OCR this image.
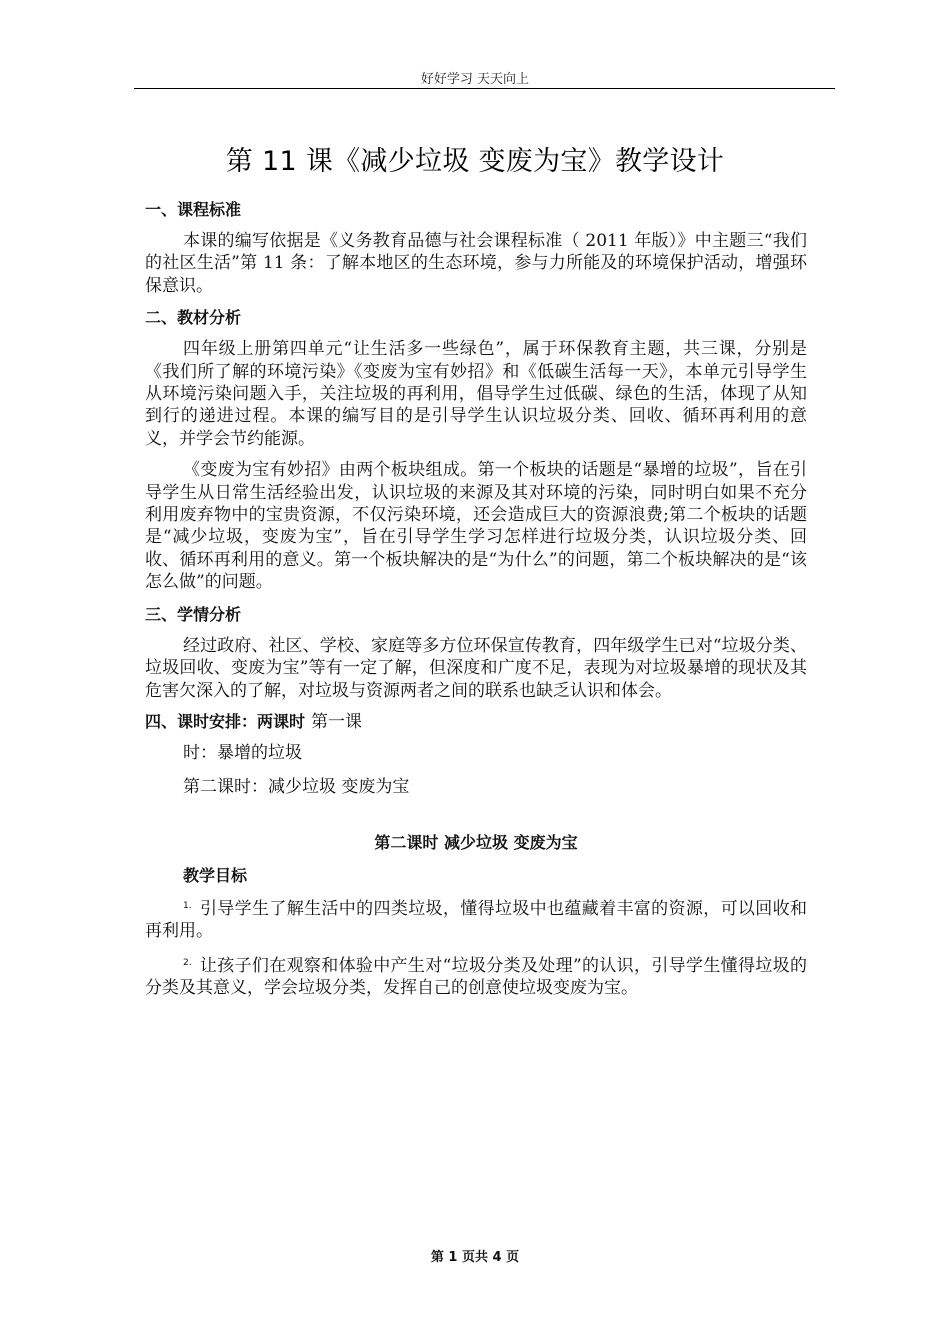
好好学习 天天向上
第 11 课《减少垃圾 变废为宝》教学设计
一、课程标准

本课的编写依据是《义务教育品德与社会课程标准（ 2011 年版）》中主题三“我们的社区生活”第 11 条：了解本地区的生态环境，参与力所能及的环境保护活动，增强环保意识。

二、教材分析

四年级上册第四单元“让生活多一些绿色”，属于环保教育主题，共三课，分别是《我们所了解的环境污染》《变废为宝有妙招》和《低碳生活每一天》，本单元引导学生从环境污染问题入手，关注垃圾的再利用，倡导学生过低碳、绿色的生活，体现了从知到行的递进过程。本课的编写目的是引导学生认识垃圾分类、回收、循环再利用的意义，并学会节约能源。

《变废为宝有妙招》由两个板块组成。第一个板块的话题是“暴增的垃圾”，旨在引导学生从日常生活经验出发，认识垃圾的来源及其对环境的污染，同时明白如果不充分利用废弃物中的宝贵资源，不仅污染环境，还会造成巨大的资源浪费;第二个板块的话题是“减少垃圾，变废为宝”，旨在引导学生学习怎样进行垃圾分类，认识垃圾分类、回收、循环再利用的意义。第一个板块解决的是“为什么”的问题，第二个板块解决的是“该怎么做”的问题。

三、学情分析

经过政府、社区、学校、家庭等多方位环保宣传教育，四年级学生已对“垃圾分类、垃圾回收、变废为宝”等有一定了解，但深度和广度不足，表现为对垃圾暴增的现状及其危害欠深入的了解，对垃圾与资源两者之间的联系也缺乏认识和体会。

四、课时安排：两课时 第一课
时：暴增的垃圾
第二课时：减少垃圾 变废为宝
第二课时 减少垃圾 变废为宝
教学目标

$^{1.}$ 引导学生了解生活中的四类垃圾，懂得垃圾中也蕴藏着丰富的资源，可以回收和再利用。

$^{2.}$ 让孩子们在观察和体验中产生对“垃圾分类及处理”的认识，引导学生懂得垃圾的分类及其意义，学会垃圾分类，发挥自己的创意使垃圾变废为宝。

第 1 页共 4 页
